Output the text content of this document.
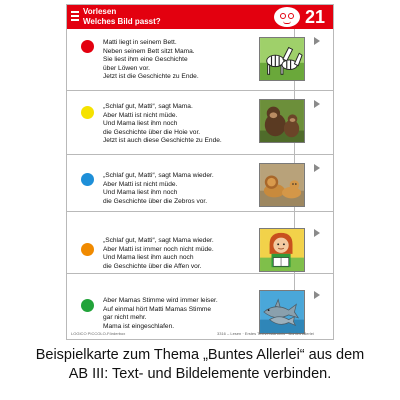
Vorlesen
Welches Bild passt?	21
Matti liegt in seinem Bett.
Neben seinem Bett sitzt Mama.
Sie liest ihm eine Geschichte
über Löwen vor.
Jetzt ist die Geschichte zu Ende.
„Schlaf gut, Matti“, sagt Mama.
Aber Matti ist nicht müde.
Und Mama liest ihm noch
die Geschichte über die Hoie vor.
Jetzt ist auch diese Geschichte zu Ende.
„Schlaf gut, Matti“, sagt Mama wieder.
Aber Matti ist nicht müde.
Und Mama liest ihm noch
die Geschichte über die Zebros vor.
„Schlaf gut, Matti“, sagt Mama wieder.
Aber Matti ist immer noch nicht müde.
Und Mama liest ihm auch noch
die Geschichte über die Affen vor.
Aber Mamas Stimme wird immer leiser.
Auf einmal hört Matti Mamas Stimme
gar nicht mehr.
Mama ist eingeschlafen.
LOGICO PICCOLO-Förderbox	3316 – Lesen · Erstes Textverständnis · Buntes Allerlei
Beispielkarte zum Thema „Buntes Allerlei“ aus dem
AB III: Text- und Bildelemente verbinden.
